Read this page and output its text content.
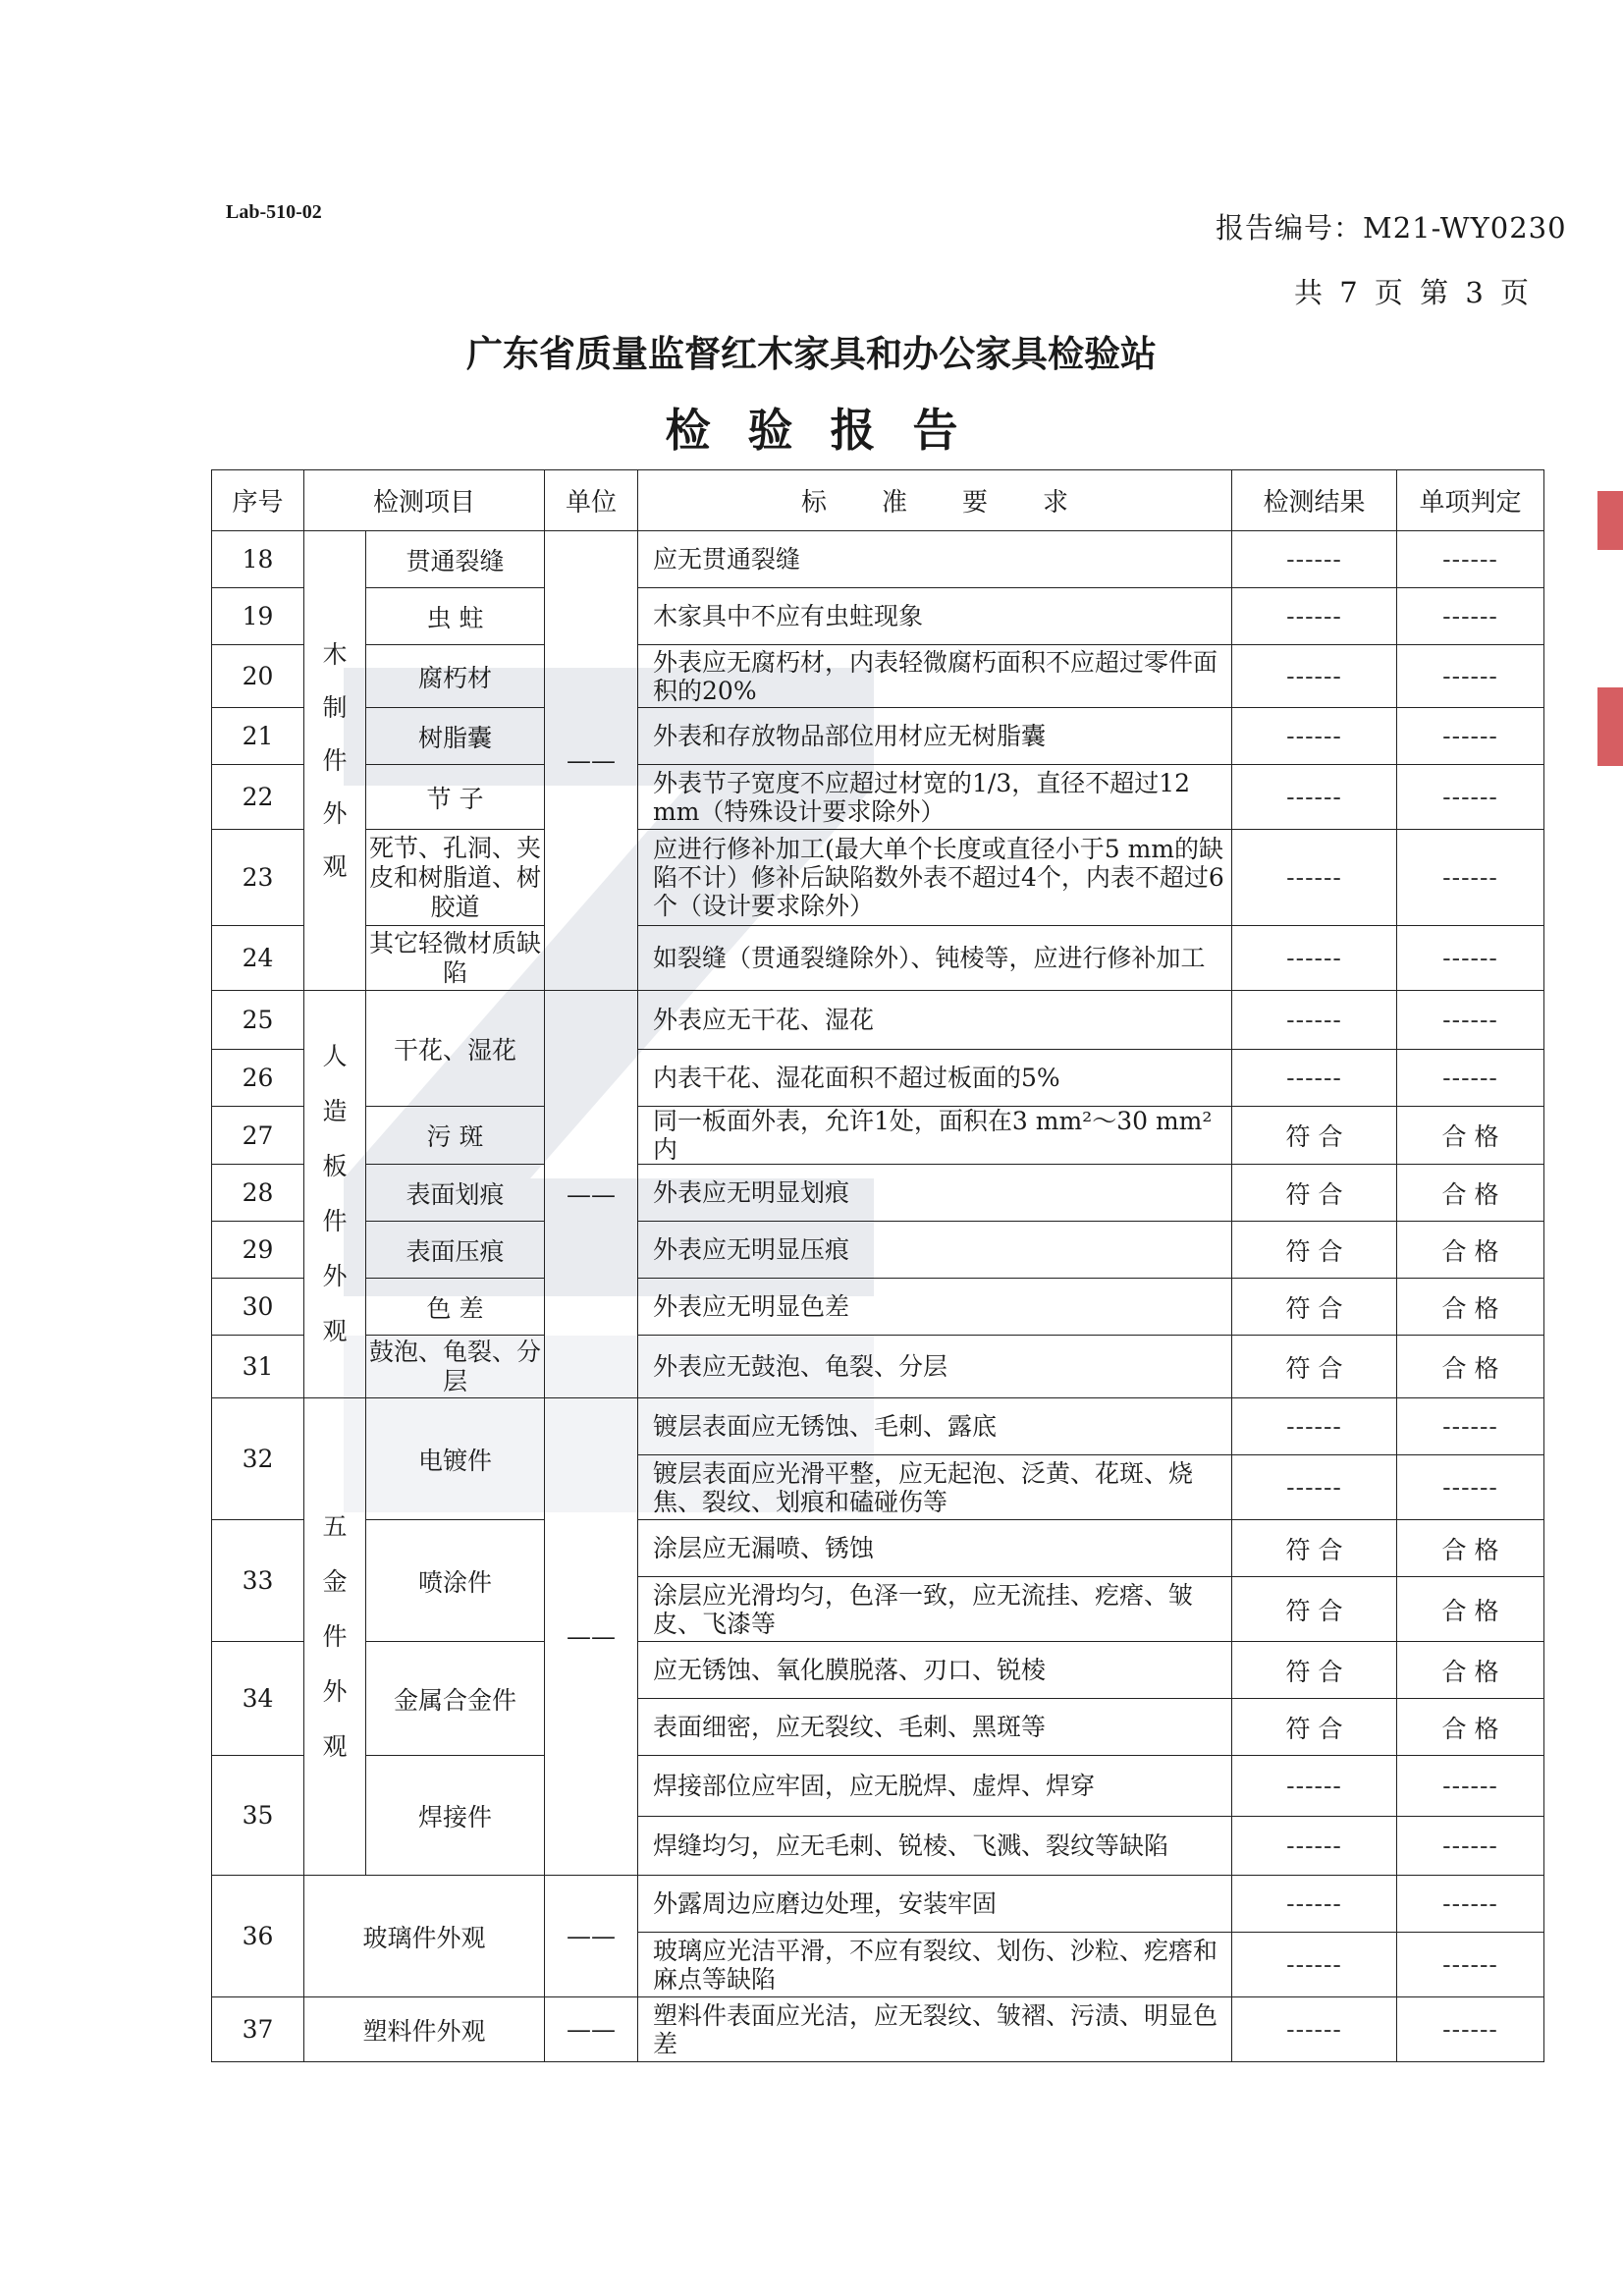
Lab-510-02	报告编号：M21-WY0230
共 7 页 第 3 页
广东省质量监督红木家具和办公家具检验站
检验报告
序号	检测项目		单位	标准要求	检测结果	单项判定
18	木制件外观	贯通裂缝	——	应无贯通裂缝	------	------
19		虫 蛀		木家具中不应有虫蛀现象	------	------
20		腐朽材		外表应无腐朽材，内表轻微腐朽面积不应超过零件面积的20%	------	------
21		树脂囊		外表和存放物品部位用材应无树脂囊	------	------
22		节 子		外表节子宽度不应超过材宽的1/3，直径不超过12 mm（特殊设计要求除外）	------	------
23		死节、孔洞、夹皮和树脂道、树胶道		应进行修补加工(最大单个长度或直径小于5 mm的缺陷不计）修补后缺陷数外表不超过4个，内表不超过6个（设计要求除外）	------	------
24		其它轻微材质缺陷		如裂缝（贯通裂缝除外）、钝棱等，应进行修补加工	------	------
25	人造板件外观	干花、湿花	——	外表应无干花、湿花	------	------
26				内表干花、湿花面积不超过板面的5%	------	------
27		污 斑		同一板面外表，允许1处，面积在3 mm²～30 mm²内	符 合	合 格
28		表面划痕		外表应无明显划痕	符 合	合 格
29		表面压痕		外表应无明显压痕	符 合	合 格
30		色 差		外表应无明显色差	符 合	合 格
31		鼓泡、龟裂、分层		外表应无鼓泡、龟裂、分层	符 合	合 格
32	五金件外观	电镀件	——	镀层表面应无锈蚀、毛刺、露底	------	------
				镀层表面应光滑平整，应无起泡、泛黄、花斑、烧焦、裂纹、划痕和磕碰伤等	------	------
33		喷涂件		涂层应无漏喷、锈蚀	符 合	合 格
				涂层应光滑均匀，色泽一致，应无流挂、疙瘩、皱皮、飞漆等	符 合	合 格
34		金属合金件		应无锈蚀、氧化膜脱落、刃口、锐棱	符 合	合 格
				表面细密，应无裂纹、毛刺、黑斑等	符 合	合 格
35		焊接件		焊接部位应牢固，应无脱焊、虚焊、焊穿	------	------
				焊缝均匀，应无毛刺、锐棱、飞溅、裂纹等缺陷	------	------
36	玻璃件外观		——	外露周边应磨边处理，安装牢固	------	------
				玻璃应光洁平滑，不应有裂纹、划伤、沙粒、疙瘩和麻点等缺陷	------	------
37	塑料件外观		——	塑料件表面应光洁，应无裂纹、皱褶、污渍、明显色差	------	------
